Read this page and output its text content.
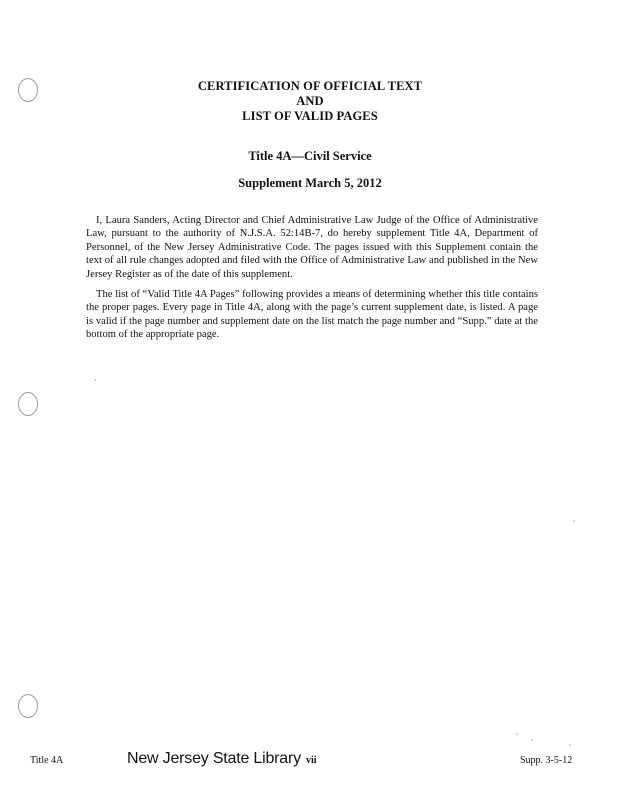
CERTIFICATION OF OFFICIAL TEXT
AND
LIST OF VALID PAGES
Title 4A—Civil Service
Supplement March 5, 2012

I, Laura Sanders, Acting Director and Chief Administrative Law Judge of the Office of Administrative Law, pursuant to the authority of N.J.S.A. 52:14B-7, do hereby supplement Title 4A, Department of Personnel, of the New Jersey Administrative Code. The pages issued with this Supplement contain the text of all rule changes adopted and filed with the Office of Administrative Law and published in the New Jersey Register as of the date of this supplement.

The list of “Valid Title 4A Pages” following provides a means of determining whether this title contains the proper pages. Every page in Title 4A, along with the page’s current supplement date, is listed. A page is valid if the page number and supplement date on the list match the page number and “Supp.” date at the bottom of the appropriate page.

Title 4A	New Jersey State Library vii	Supp. 3-5-12
